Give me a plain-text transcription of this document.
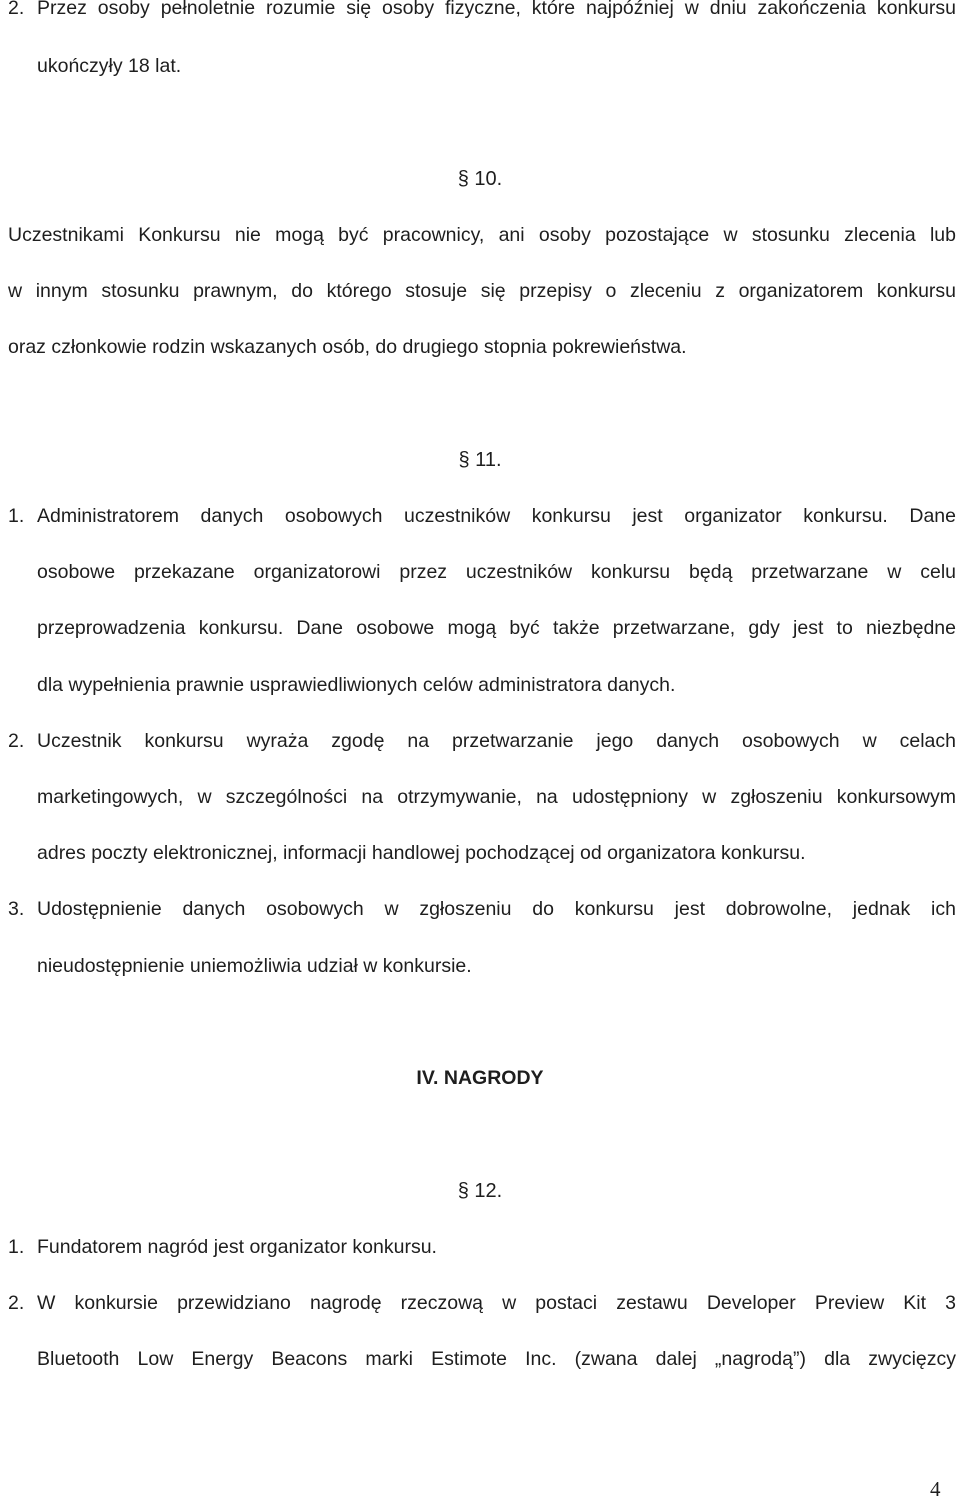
2. Przez osoby pełnoletnie rozumie się osoby fizyczne, które najpóźniej w dniu zakończenia konkursu
ukończyły 18 lat.
§ 10.
Uczestnikami Konkursu nie mogą być pracownicy, ani osoby pozostające w stosunku zlecenia lub
w innym stosunku prawnym, do którego stosuje się przepisy o zleceniu z organizatorem konkursu
oraz członkowie rodzin wskazanych osób, do drugiego stopnia pokrewieństwa.
§ 11.
1. Administratorem danych osobowych uczestników konkursu jest organizator konkursu. Dane
osobowe przekazane organizatorowi przez uczestników konkursu będą przetwarzane w celu
przeprowadzenia konkursu. Dane osobowe mogą być także przetwarzane, gdy jest to niezbędne
dla wypełnienia prawnie usprawiedliwionych celów administratora danych.
2. Uczestnik konkursu wyraża zgodę na przetwarzanie jego danych osobowych w celach
marketingowych, w szczególności na otrzymywanie, na udostępniony w zgłoszeniu konkursowym
adres poczty elektronicznej, informacji handlowej pochodzącej od organizatora konkursu.
3. Udostępnienie danych osobowych w zgłoszeniu do konkursu jest dobrowolne, jednak ich
nieudostępnienie uniemożliwia udział w konkursie.
IV. NAGRODY
§ 12.
1. Fundatorem nagród jest organizator konkursu.
2. W konkursie przewidziano nagrodę rzeczową w postaci zestawu Developer Preview Kit 3
Bluetooth Low Energy Beacons marki Estimote Inc. (zwana dalej „nagrodą”) dla zwycięzcy
4
